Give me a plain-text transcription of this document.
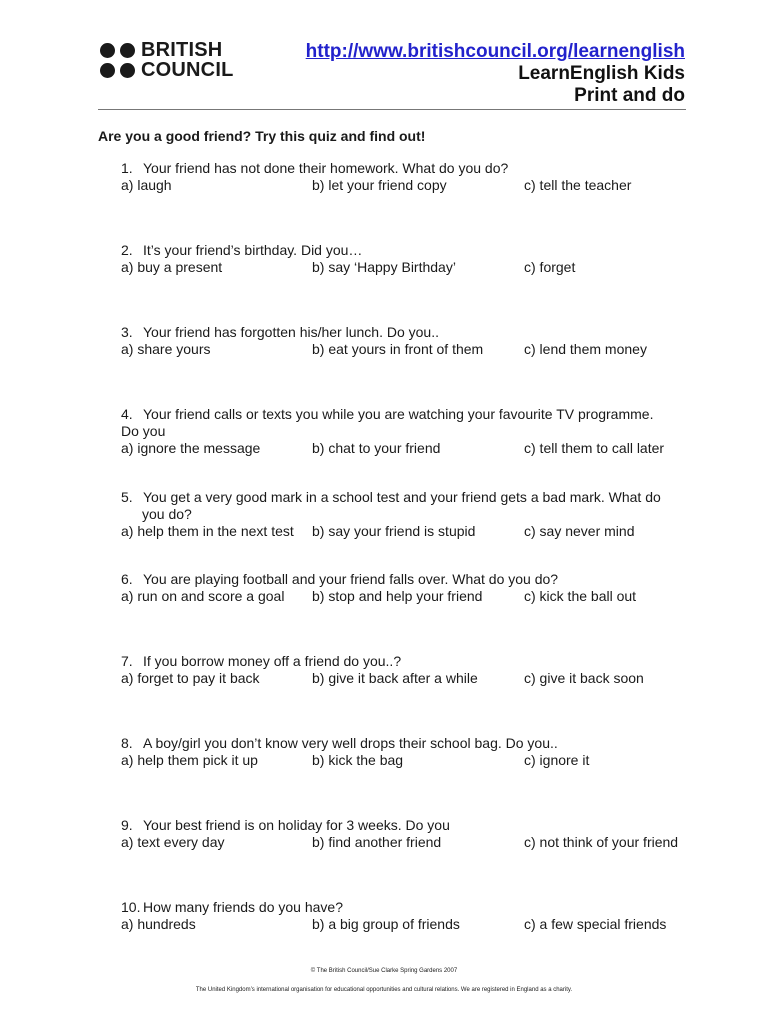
BRITISH
COUNCIL
http://www.britishcouncil.org/learnenglish
LearnEnglish Kids
Print and do
Are you a good friend? Try this quiz and find out!
1. Your friend has not done their homework. What do you do?
a) laugh	b) let your friend copy	c) tell the teacher
2. It’s your friend’s birthday. Did you…
a) buy a present	b) say ‘Happy Birthday’	c) forget
3. Your friend has forgotten his/her lunch. Do you..
a) share yours	b) eat yours in front of them	c) lend them money
4. Your friend calls or texts you while you are watching your favourite TV programme.
Do you
a) ignore the message	b) chat to your friend	c) tell them to call later
5. You get a very good mark in a school test and your friend gets a bad mark. What do
you do?
a) help them in the next test	b) say your friend is stupid	c) say never mind
6. You are playing football and your friend falls over. What do you do?
a) run on and score a goal	b) stop and help your friend	c) kick the ball out
7. If you borrow money off a friend do you..?
a) forget to pay it back	b) give it back after a while	c) give it back soon
8. A boy/girl you don’t know very well drops their school bag. Do you..
a) help them pick it up	b) kick the bag	c) ignore it
9. Your best friend is on holiday for 3 weeks. Do you
a) text every day	b) find another friend	c) not think of your friend
10. How many friends do you have?
a) hundreds	b) a big group of friends	c) a few special friends
© The British Council/Sue Clarke Spring Gardens 2007
The United Kingdom’s international organisation for educational opportunities and cultural relations. We are registered in England as a charity.
